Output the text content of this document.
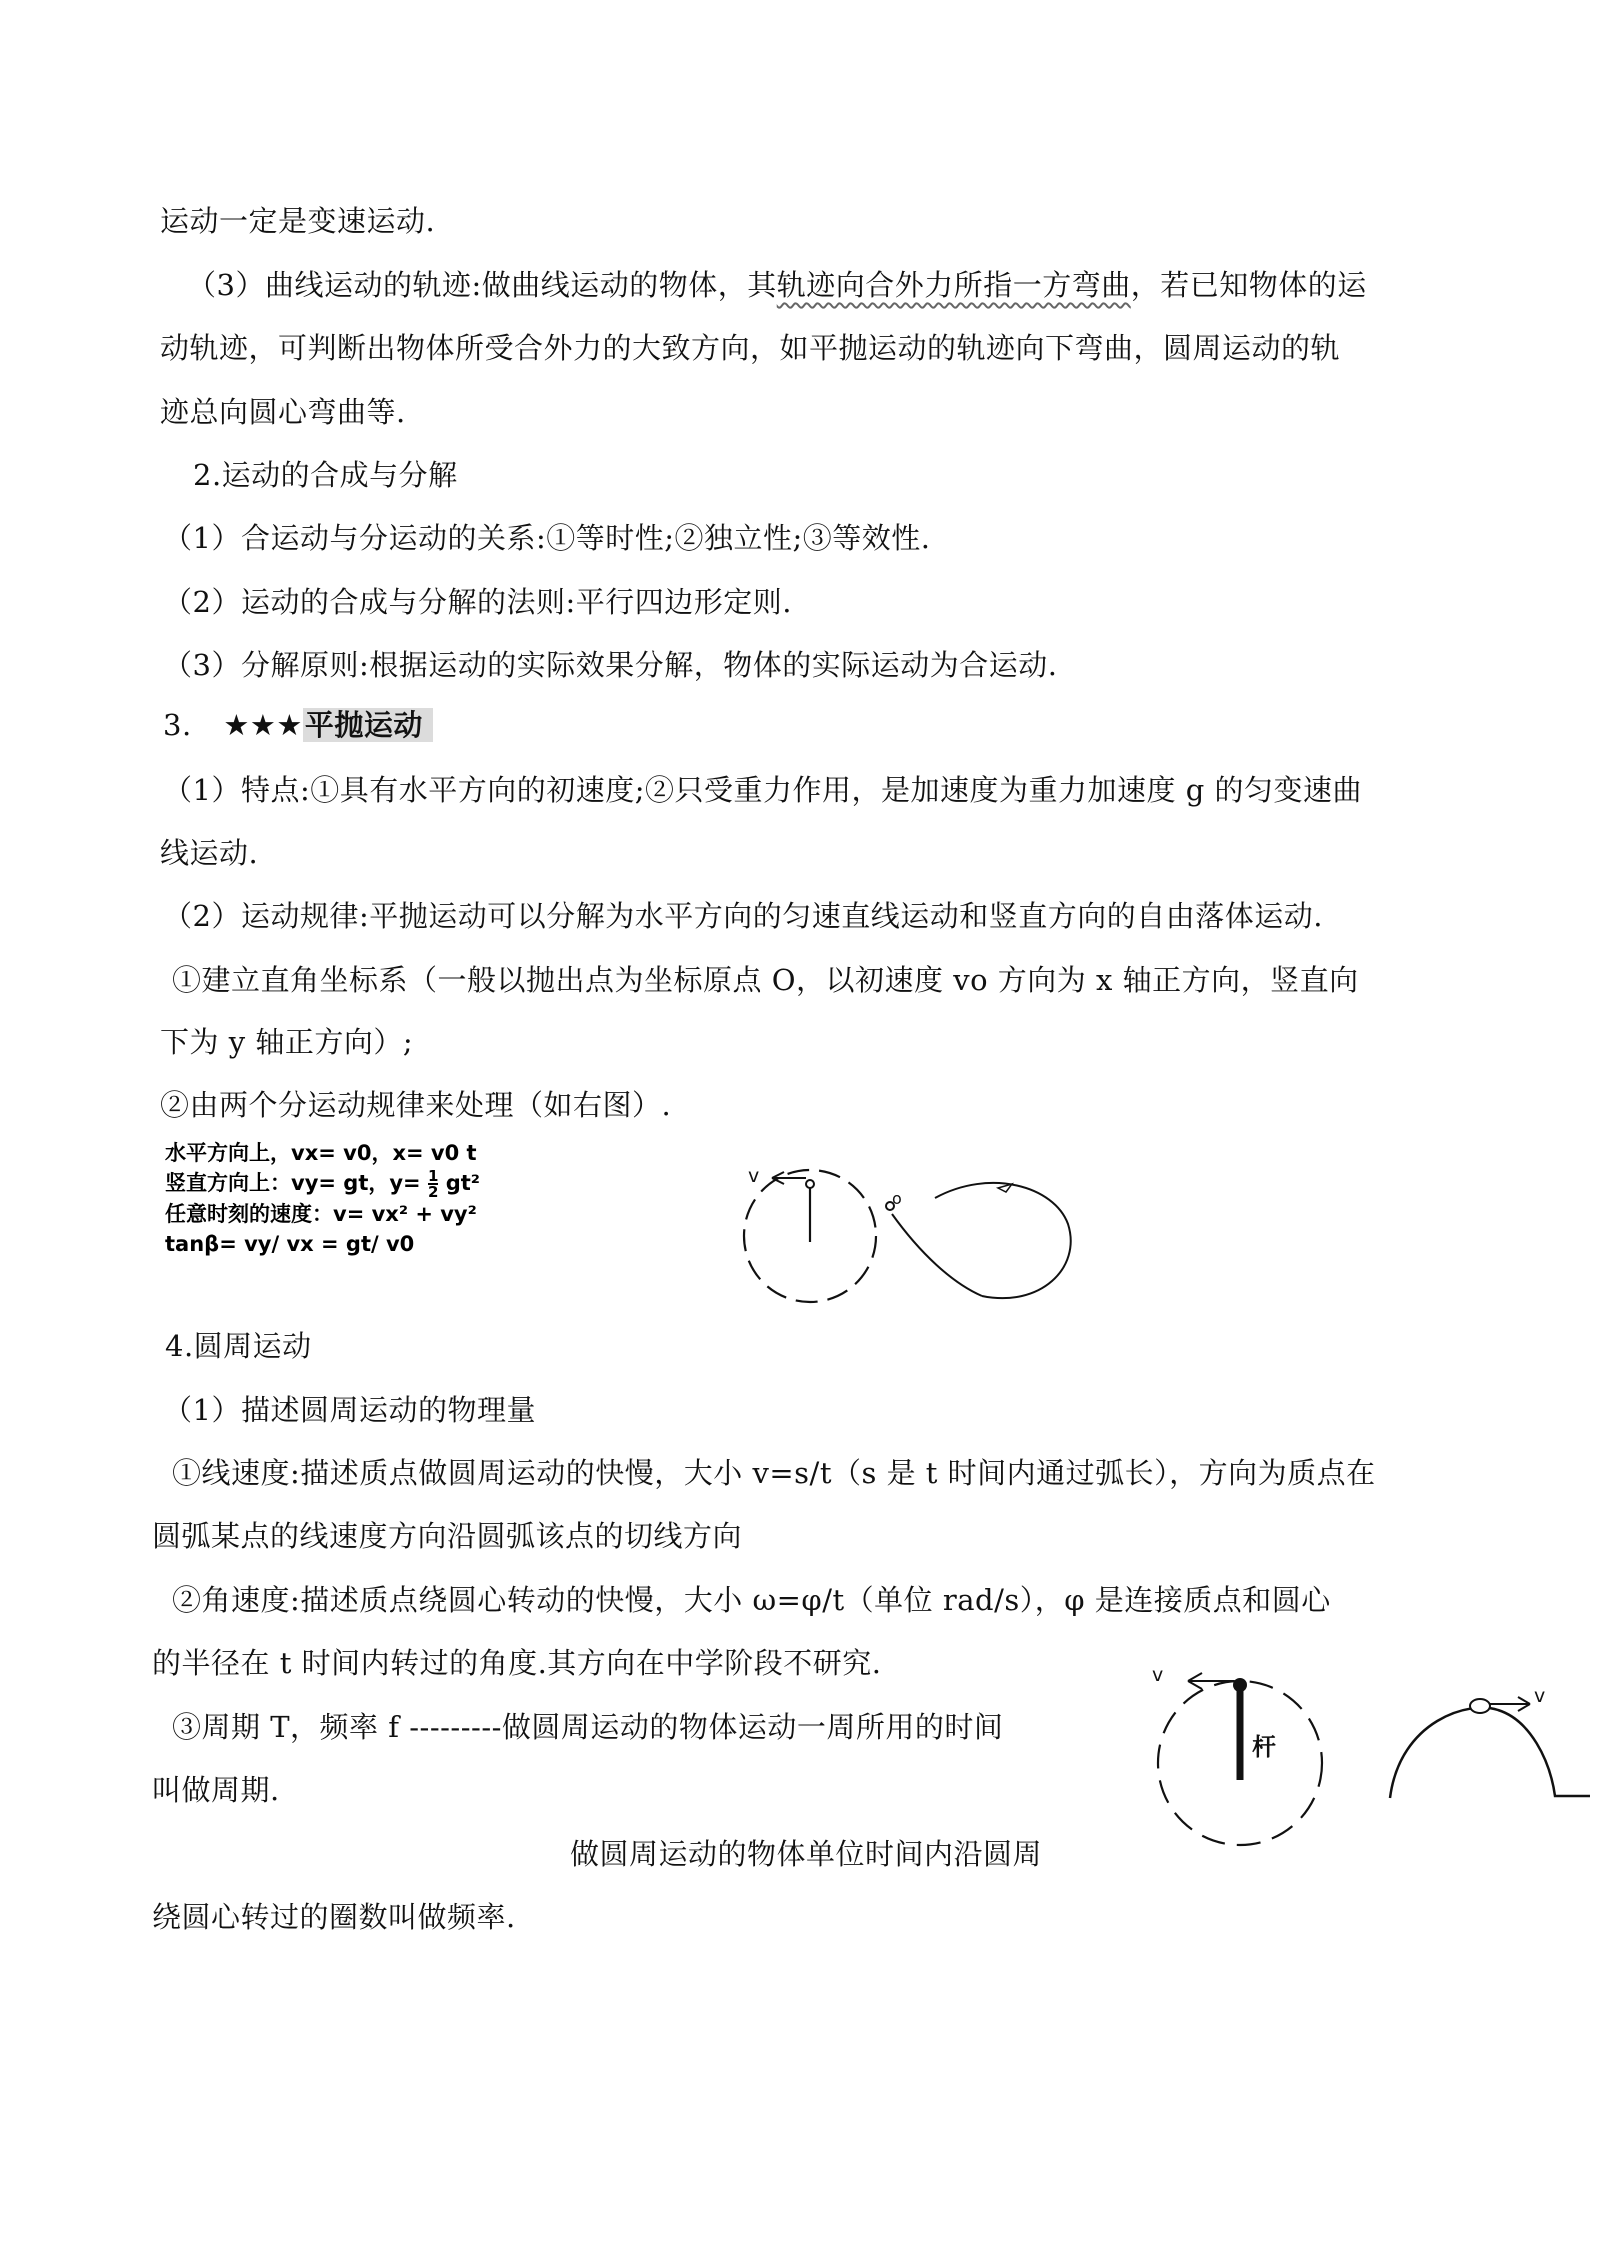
运动一定是变速运动.
（3）曲线运动的轨迹:做曲线运动的物体，其轨迹向合外力所指一方弯曲，若已知物体的运
动轨迹，可判断出物体所受合外力的大致方向，如平抛运动的轨迹向下弯曲，圆周运动的轨
迹总向圆心弯曲等.
2.运动的合成与分解
（1）合运动与分运动的关系:①等时性;②独立性;③等效性.
（2）运动的合成与分解的法则:平行四边形定则.
（3）分解原则:根据运动的实际效果分解，物体的实际运动为合运动.
3. ★★★平抛运动
（1）特点:①具有水平方向的初速度;②只受重力作用，是加速度为重力加速度 g 的匀变速曲
线运动.
（2）运动规律:平抛运动可以分解为水平方向的匀速直线运动和竖直方向的自由落体运动.
①建立直角坐标系（一般以抛出点为坐标原点 O，以初速度 vo 方向为 x 轴正方向，竖直向
下为 y 轴正方向）;
②由两个分运动规律来处理（如右图）.
水平方向上，vx= v0，x= v0 t
竖直方向上：vy= gt，$y= \frac{1}{2} gt^2$
任意时刻的速度：v= vx² + vy²
tanβ= vy/ vx = gt/ v0
v
o
4.圆周运动
（1）描述圆周运动的物理量
①线速度:描述质点做圆周运动的快慢，大小 v=s/t（s 是 t 时间内通过弧长），方向为质点在
圆弧某点的线速度方向沿圆弧该点的切线方向
②角速度:描述质点绕圆心转动的快慢，大小 ω=φ/t（单位 rad/s），φ 是连接质点和圆心
的半径在 t 时间内转过的角度.其方向在中学阶段不研究.
③周期 T，频率 f ---------做圆周运动的物体运动一周所用的时间
叫做周期.
做圆周运动的物体单位时间内沿圆周
绕圆心转过的圈数叫做频率.
v
杆
v
